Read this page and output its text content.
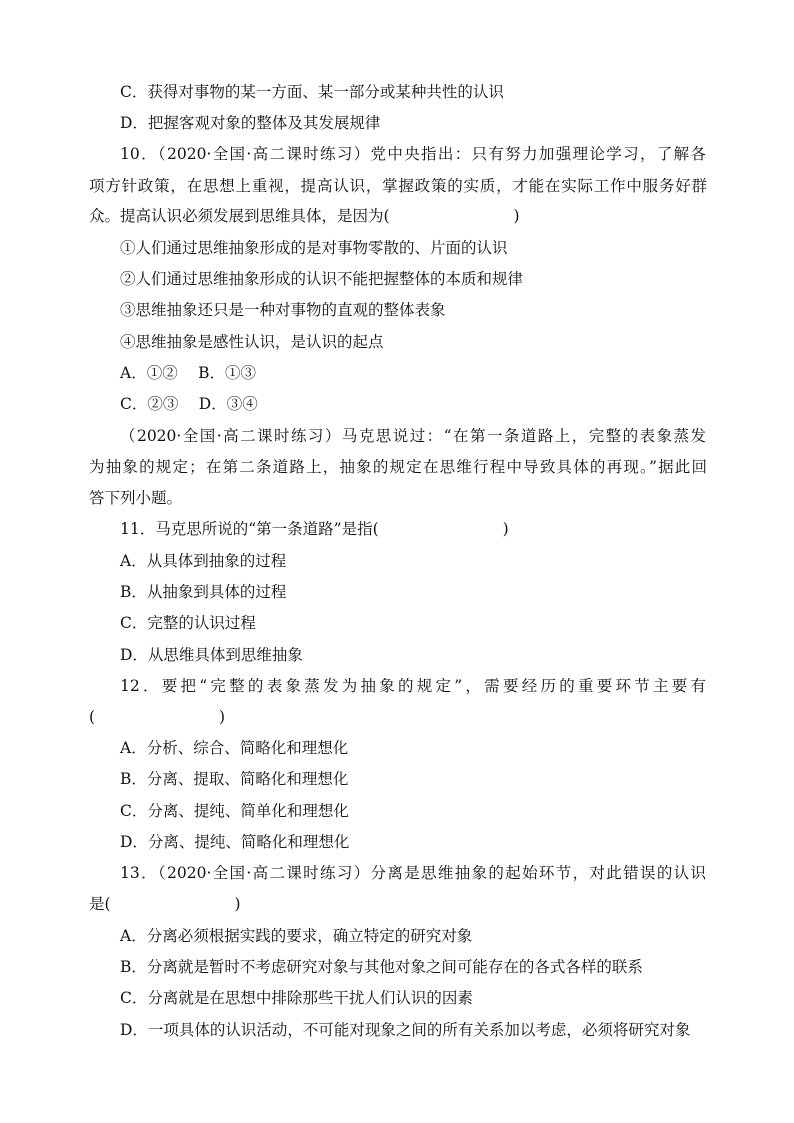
C．获得对事物的某一方面、某一部分或某种共性的认识
D．把握客观对象的整体及其发展规律
10．（2020·全国·高二课时练习）党中央指出：只有努力加强理论学习，了解各
项方针政策，在思想上重视，提高认识，掌握政策的实质，才能在实际工作中服务好群
众。提高认识必须发展到思维具体，是因为(　　　　　　　　)
①人们通过思维抽象形成的是对事物零散的、片面的认识
②人们通过思维抽象形成的认识不能把握整体的本质和规律
③思维抽象还只是一种对事物的直观的整体表象
④思维抽象是感性认识，是认识的起点
A．①②　 B．①③
C．②③　 D．③④
（2020·全国·高二课时练习）马克思说过：“在第一条道路上，完整的表象蒸发
为抽象的规定；在第二条道路上，抽象的规定在思维行程中导致具体的再现。”据此回
答下列小题。
11．马克思所说的“第一条道路”是指(　　　　　　　　)
A．从具体到抽象的过程
B．从抽象到具体的过程
C．完整的认识过程
D．从思维具体到思维抽象
12．要把“完整的表象蒸发为抽象的规定”，需要经历的重要环节主要有
(　　　　　　　　)
A．分析、综合、简略化和理想化
B．分离、提取、简略化和理想化
C．分离、提纯、简单化和理想化
D．分离、提纯、简略化和理想化
13．（2020·全国·高二课时练习）分离是思维抽象的起始环节，对此错误的认识
是(　　　　　　　　)
A．分离必须根据实践的要求，确立特定的研究对象
B．分离就是暂时不考虑研究对象与其他对象之间可能存在的各式各样的联系
C．分离就是在思想中排除那些干扰人们认识的因素
D．一项具体的认识活动，不可能对现象之间的所有关系加以考虑，必须将研究对象
